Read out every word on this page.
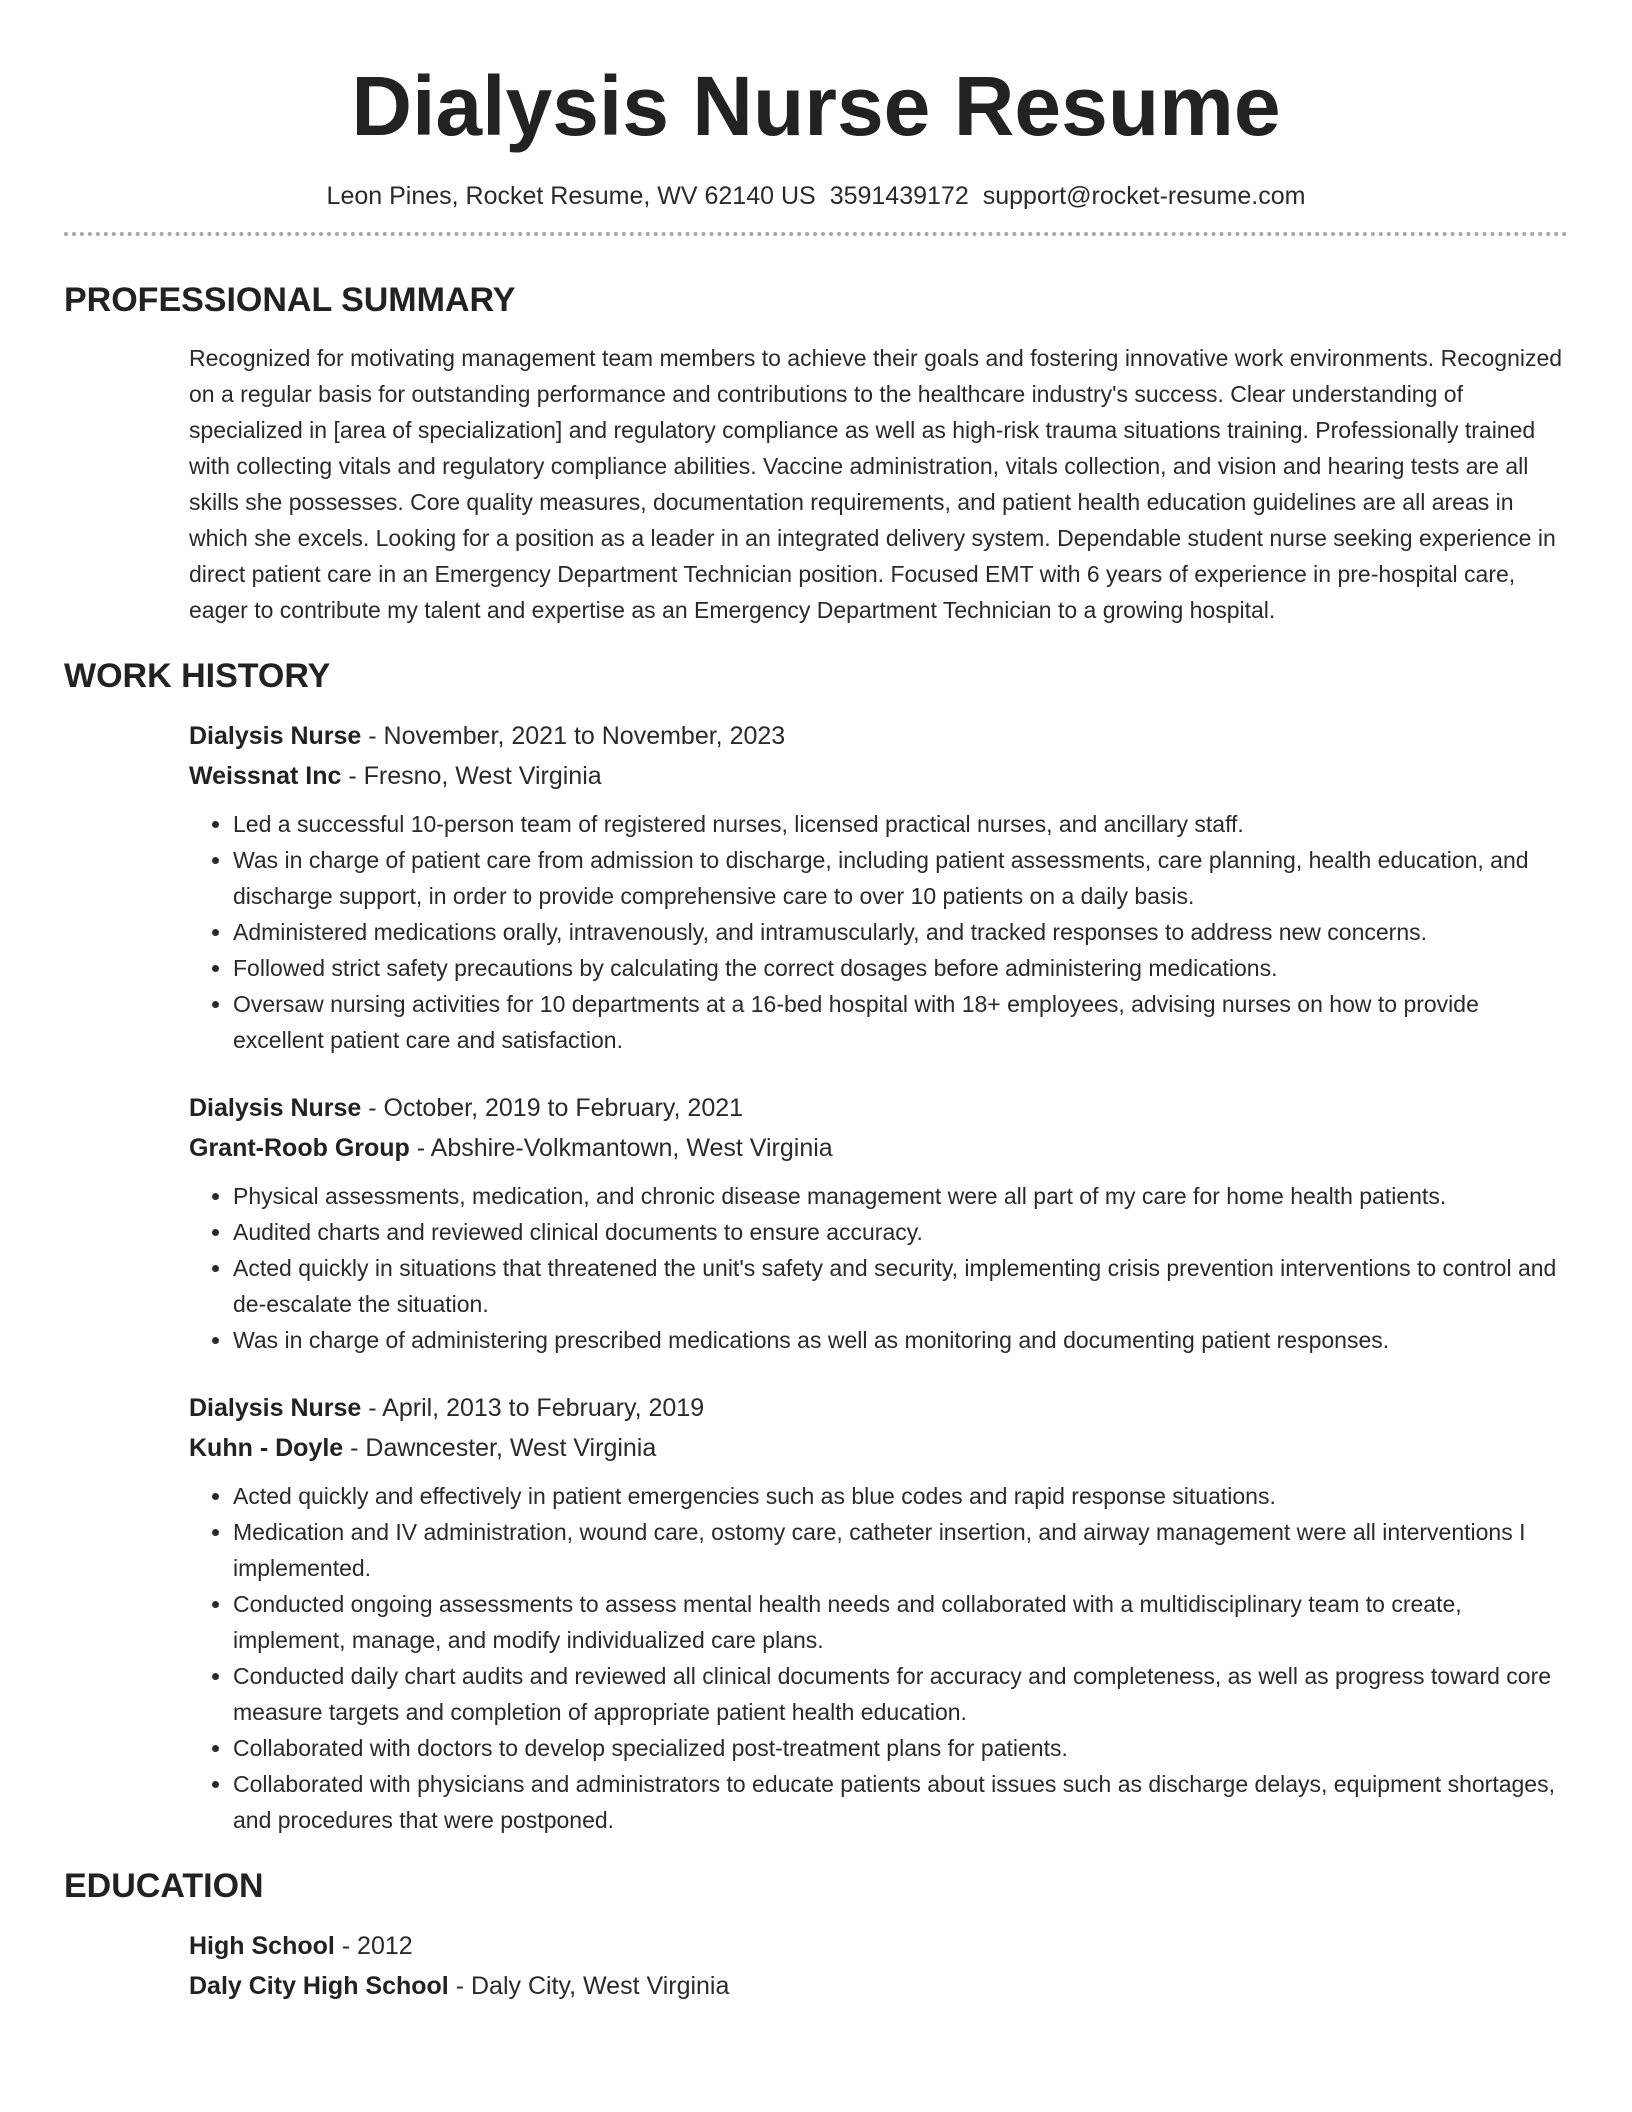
Dialysis Nurse Resume
Leon Pines, Rocket Resume, WV 62140 US 3591439172 support@rocket-resume.com
PROFESSIONAL SUMMARY

Recognized for motivating management team members to achieve their goals and fostering innovative work environments. Recognized on a regular basis for outstanding performance and contributions to the healthcare industry's success. Clear understanding of specialized in [area of specialization] and regulatory compliance as well as high-risk trauma situations training. Professionally trained with collecting vitals and regulatory compliance abilities. Vaccine administration, vitals collection, and vision and hearing tests are all skills she possesses. Core quality measures, documentation requirements, and patient health education guidelines are all areas in which she excels. Looking for a position as a leader in an integrated delivery system. Dependable student nurse seeking experience in direct patient care in an Emergency Department Technician position. Focused EMT with 6 years of experience in pre-hospital care, eager to contribute my talent and expertise as an Emergency Department Technician to a growing hospital.

WORK HISTORY
Dialysis Nurse - November, 2021 to November, 2023
Weissnat Inc - Fresno, West Virginia
• Led a successful 10-person team of registered nurses, licensed practical nurses, and ancillary staff.
• Was in charge of patient care from admission to discharge, including patient assessments, care planning, health education, and discharge support, in order to provide comprehensive care to over 10 patients on a daily basis.
• Administered medications orally, intravenously, and intramuscularly, and tracked responses to address new concerns.
• Followed strict safety precautions by calculating the correct dosages before administering medications.
• Oversaw nursing activities for 10 departments at a 16-bed hospital with 18+ employees, advising nurses on how to provide excellent patient care and satisfaction.
Dialysis Nurse - October, 2019 to February, 2021
Grant-Roob Group - Abshire-Volkmantown, West Virginia
• Physical assessments, medication, and chronic disease management were all part of my care for home health patients.
• Audited charts and reviewed clinical documents to ensure accuracy.
• Acted quickly in situations that threatened the unit's safety and security, implementing crisis prevention interventions to control and de-escalate the situation.
• Was in charge of administering prescribed medications as well as monitoring and documenting patient responses.
Dialysis Nurse - April, 2013 to February, 2019
Kuhn - Doyle - Dawncester, West Virginia
• Acted quickly and effectively in patient emergencies such as blue codes and rapid response situations.
• Medication and IV administration, wound care, ostomy care, catheter insertion, and airway management were all interventions I implemented.
• Conducted ongoing assessments to assess mental health needs and collaborated with a multidisciplinary team to create, implement, manage, and modify individualized care plans.
• Conducted daily chart audits and reviewed all clinical documents for accuracy and completeness, as well as progress toward core measure targets and completion of appropriate patient health education.
• Collaborated with doctors to develop specialized post-treatment plans for patients.
• Collaborated with physicians and administrators to educate patients about issues such as discharge delays, equipment shortages, and procedures that were postponed.
EDUCATION
High School - 2012
Daly City High School - Daly City, West Virginia
